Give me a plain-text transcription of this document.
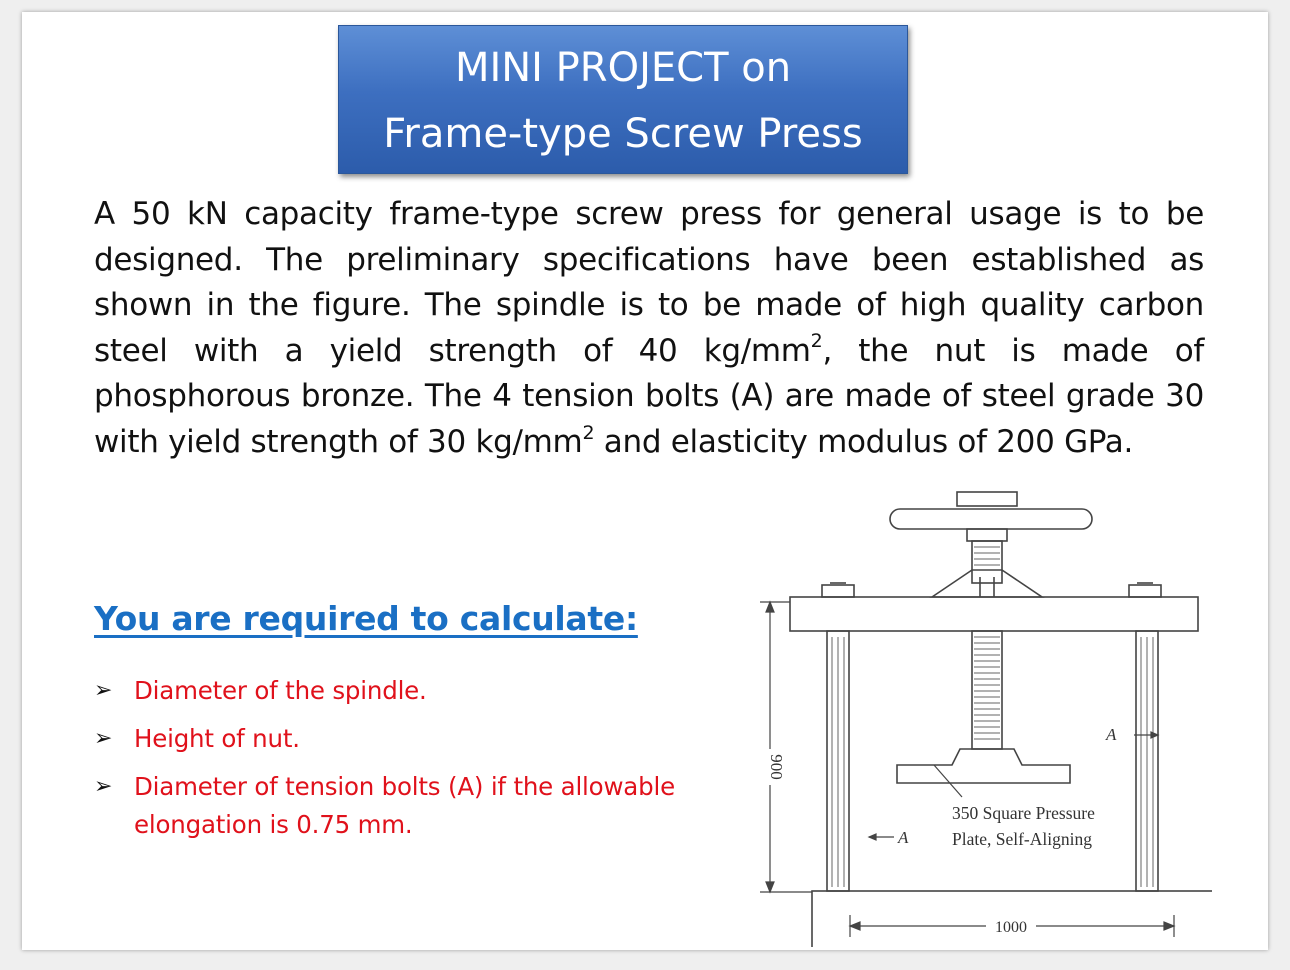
MINI PROJECT on
Frame-type Screw Press
A 50 kN capacity frame-type screw press for general usage is to be designed. The preliminary specifications have been established as shown in the figure. The spindle is to be made of high quality carbon steel with a yield strength of 40 $kg/mm^2$, the nut is made of phosphorous bronze. The 4 tension bolts (A) are made of steel grade 30 with yield strength of 30 $kg/mm^2$ and elasticity modulus of 200 GPa.
You are required to calculate:
➢ Diameter of the spindle.
➢ Height of nut.
➢ Diameter of tension bolts (A) if the allowable elongation is 0.75 mm.
900
1000
A
A
350 Square Pressure
Plate, Self-Aligning
